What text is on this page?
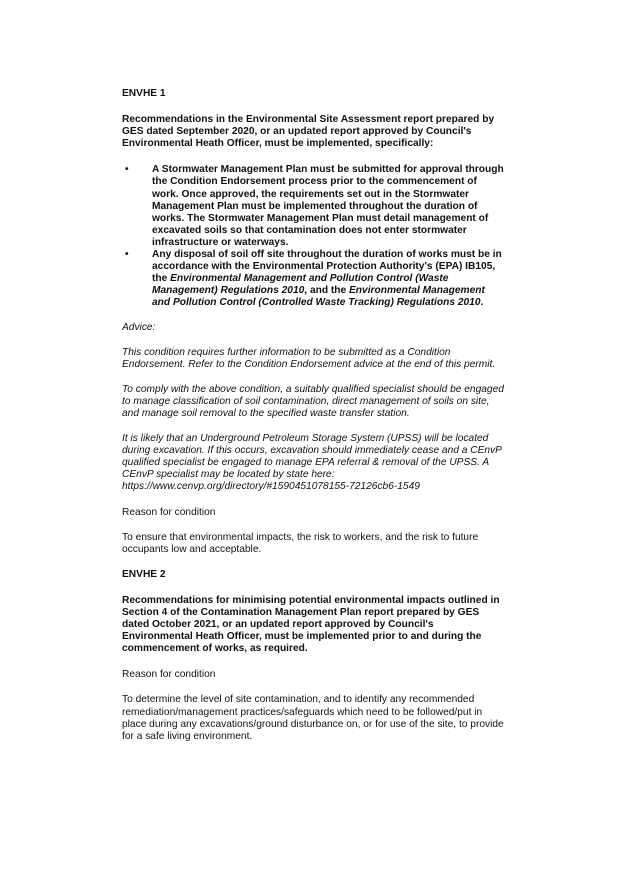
ENVHE 1
Recommendations in the Environmental Site Assessment report prepared by GES dated September 2020, or an updated report approved by Council's Environmental Heath Officer, must be implemented, specifically:
• A Stormwater Management Plan must be submitted for approval through the Condition Endorsement process prior to the commencement of work. Once approved, the requirements set out in the Stormwater Management Plan must be implemented throughout the duration of works. The Stormwater Management Plan must detail management of excavated soils so that contamination does not enter stormwater infrastructure or waterways.
• Any disposal of soil off site throughout the duration of works must be in accordance with the Environmental Protection Authority's (EPA) IB105, the Environmental Management and Pollution Control (Waste Management) Regulations 2010, and the Environmental Management and Pollution Control (Controlled Waste Tracking) Regulations 2010.
Advice:
This condition requires further information to be submitted as a Condition Endorsement. Refer to the Condition Endorsement advice at the end of this permit.
To comply with the above condition, a suitably qualified specialist should be engaged to manage classification of soil contamination, direct management of soils on site, and manage soil removal to the specified waste transfer station.
It is likely that an Underground Petroleum Storage System (UPSS) will be located during excavation. If this occurs, excavation should immediately cease and a CEnvP qualified specialist be engaged to manage EPA referral & removal of the UPSS. A CEnvP specialist may be located by state here: https://www.cenvp.org/directory/#1590451078155-72126cb6-1549
Reason for condition
To ensure that environmental impacts, the risk to workers, and the risk to future occupants low and acceptable.
ENVHE 2
Recommendations for minimising potential environmental impacts outlined in Section 4 of the Contamination Management Plan report prepared by GES dated October 2021, or an updated report approved by Council's Environmental Heath Officer, must be implemented prior to and during the commencement of works, as required.
Reason for condition
To determine the level of site contamination, and to identify any recommended remediation/management practices/safeguards which need to be followed/put in place during any excavations/ground disturbance on, or for use of the site, to provide for a safe living environment.
